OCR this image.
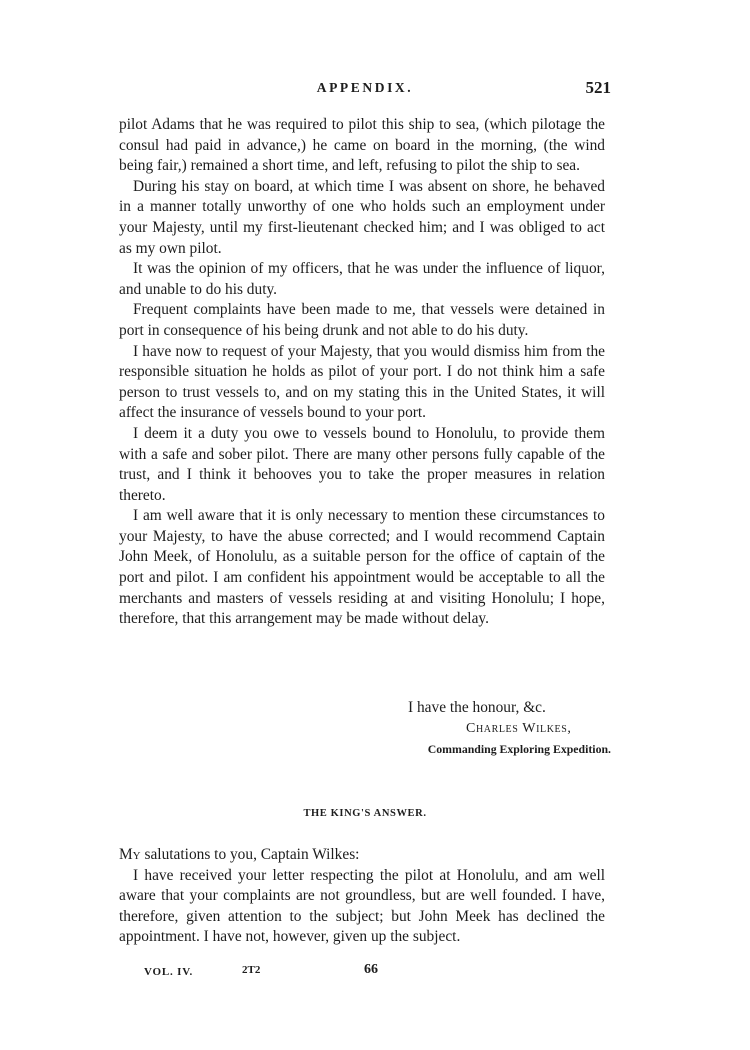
APPENDIX.	521

pilot Adams that he was required to pilot this ship to sea, (which pilotage the consul had paid in advance,) he came on board in the morning, (the wind being fair,) remained a short time, and left, refusing to pilot the ship to sea.

During his stay on board, at which time I was absent on shore, he behaved in a manner totally unworthy of one who holds such an employment under your Majesty, until my first-lieutenant checked him; and I was obliged to act as my own pilot.

It was the opinion of my officers, that he was under the influence of liquor, and unable to do his duty.

Frequent complaints have been made to me, that vessels were detained in port in consequence of his being drunk and not able to do his duty.

I have now to request of your Majesty, that you would dismiss him from the responsible situation he holds as pilot of your port. I do not think him a safe person to trust vessels to, and on my stating this in the United States, it will affect the insurance of vessels bound to your port.

I deem it a duty you owe to vessels bound to Honolulu, to provide them with a safe and sober pilot. There are many other persons fully capable of the trust, and I think it behooves you to take the proper measures in relation thereto.

I am well aware that it is only necessary to mention these circumstances to your Majesty, to have the abuse corrected; and I would recommend Captain John Meek, of Honolulu, as a suitable person for the office of captain of the port and pilot. I am confident his appointment would be acceptable to all the merchants and masters of vessels residing at and visiting Honolulu; I hope, therefore, that this arrangement may be made without delay.

I have the honour, &c.

Charles Wilkes,

Commanding Exploring Expedition.

THE KING'S ANSWER.

My salutations to you, Captain Wilkes:

I have received your letter respecting the pilot at Honolulu, and am well aware that your complaints are not groundless, but are well founded. I have, therefore, given attention to the subject; but John Meek has declined the appointment. I have not, however, given up the subject.

VOL. IV.	2T2	66
